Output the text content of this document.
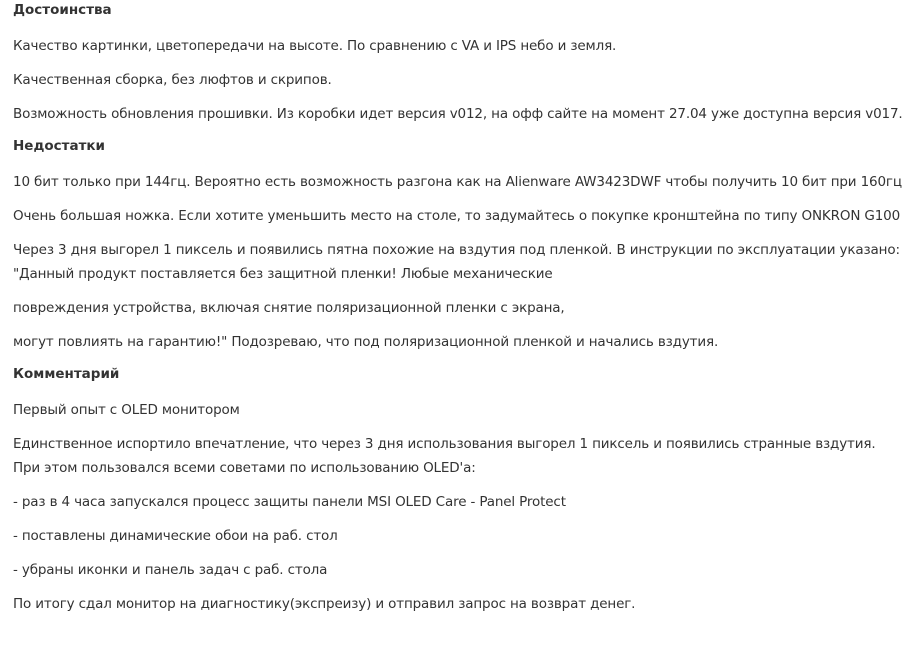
Достоинства

Качество картинки, цветопередачи на высоте. По сравнению с VA и IPS небо и земля.

Качественная сборка, без люфтов и скрипов.

Возможность обновления прошивки. Из коробки идет версия v012, на офф сайте на момент 27.04 уже доступна версия v017.

Недостатки

10 бит только при 144гц. Вероятно есть возможность разгона как на Alienware AW3423DWF чтобы получить 10 бит при 160гц

Очень большая ножка. Если хотите уменьшить место на столе, то задумайтесь о покупке кронштейна по типу ONKRON G100

Через 3 дня выгорел 1 пиксель и появились пятна похожие на вздутия под пленкой. В инструкции по эксплуатации указано: "Данный продукт поставляется без защитной пленки! Любые механические

повреждения устройства, включая снятие поляризационной пленки с экрана,

могут повлиять на гарантию!" Подозреваю, что под поляризационной пленкой и начались вздутия.

Комментарий

Первый опыт с OLED монитором

Единственное испортило впечатление, что через 3 дня использования выгорел 1 пиксель и появились странные вздутия. При этом пользовался всеми советами по использованию OLED'а:

- раз в 4 часа запускался процесс защиты панели MSI OLED Care - Panel Protect

- поставлены динамические обои на раб. стол

- убраны иконки и панель задач с раб. стола

По итогу сдал монитор на диагностику(экспреизу) и отправил запрос на возврат денег.
